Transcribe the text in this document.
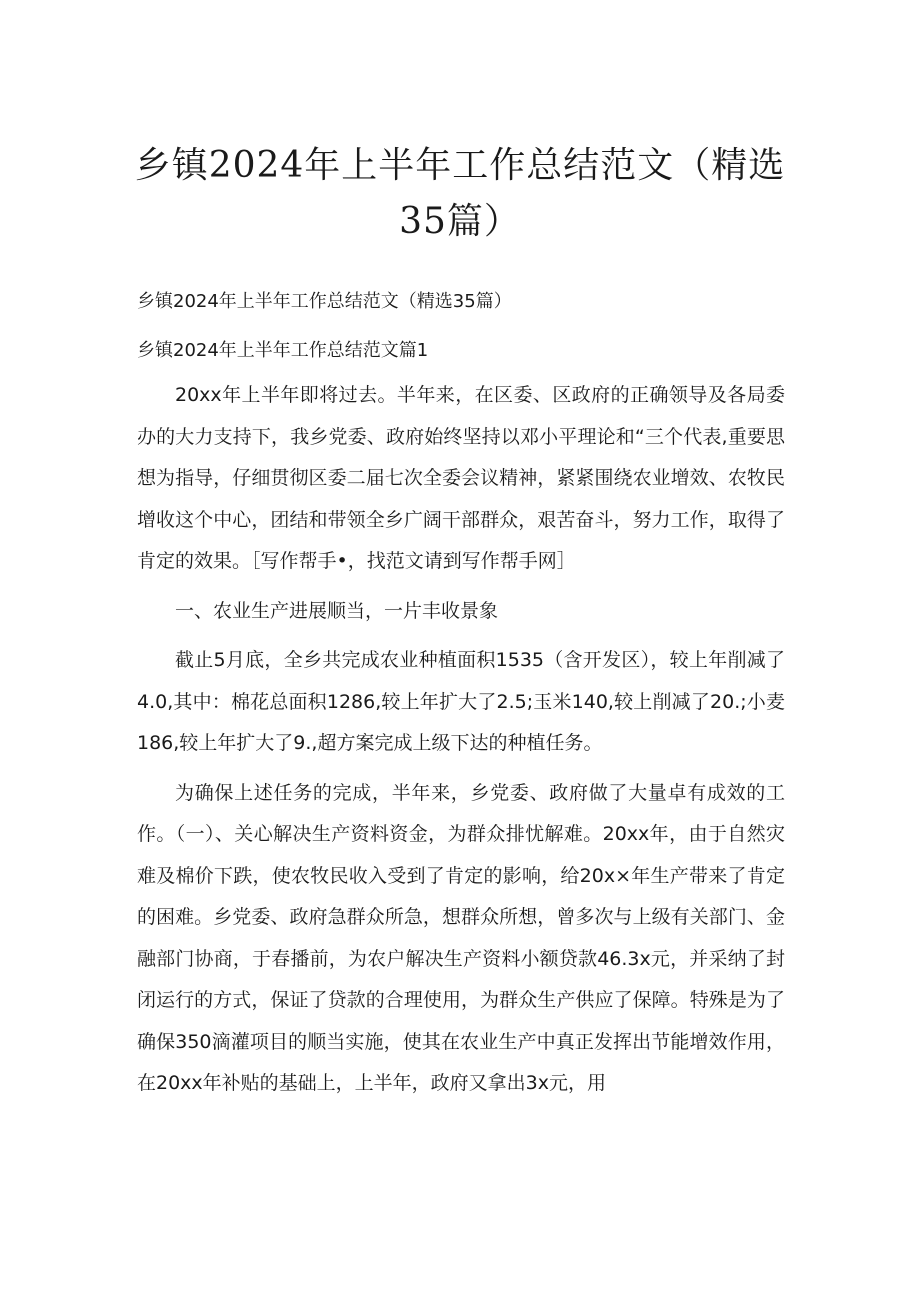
乡镇2024年上半年工作总结范文（精选35篇）

乡镇2024年上半年工作总结范文（精选35篇）

乡镇2024年上半年工作总结范文篇1

20xx年上半年即将过去。半年来，在区委、区政府的正确领导及各局委办的大力支持下，我乡党委、政府始终坚持以邓小平理论和“三个代表,重要思想为指导，仔细贯彻区委二届七次全委会议精神，紧紧围绕农业增效、农牧民增收这个中心，团结和带领全乡广阔干部群众，艰苦奋斗，努力工作，取得了肯定的效果。［写作帮手•，找范文请到写作帮手网］

一、农业生产进展顺当，一片丰收景象

截止5月底，全乡共完成农业种植面积1535（含开发区），较上年削减了4.0,其中：棉花总面积1286,较上年扩大了2.5;玉米140,较上削减了20.;小麦186,较上年扩大了9.,超方案完成上级下达的种植任务。

为确保上述任务的完成，半年来，乡党委、政府做了大量卓有成效的工作。（一）、关心解决生产资料资金，为群众排忧解难。20xx年，由于自然灾难及棉价下跌，使农牧民收入受到了肯定的影响，给20x×年生产带来了肯定的困难。乡党委、政府急群众所急，想群众所想，曾多次与上级有关部门、金融部门协商，于春播前，为农户解决生产资料小额贷款46.3x元，并采纳了封闭运行的方式，保证了贷款的合理使用，为群众生产供应了保障。特殊是为了确保350滴灌项目的顺当实施，使其在农业生产中真正发挥出节能增效作用，在20xx年补贴的基础上，上半年，政府又拿出3x元，用
